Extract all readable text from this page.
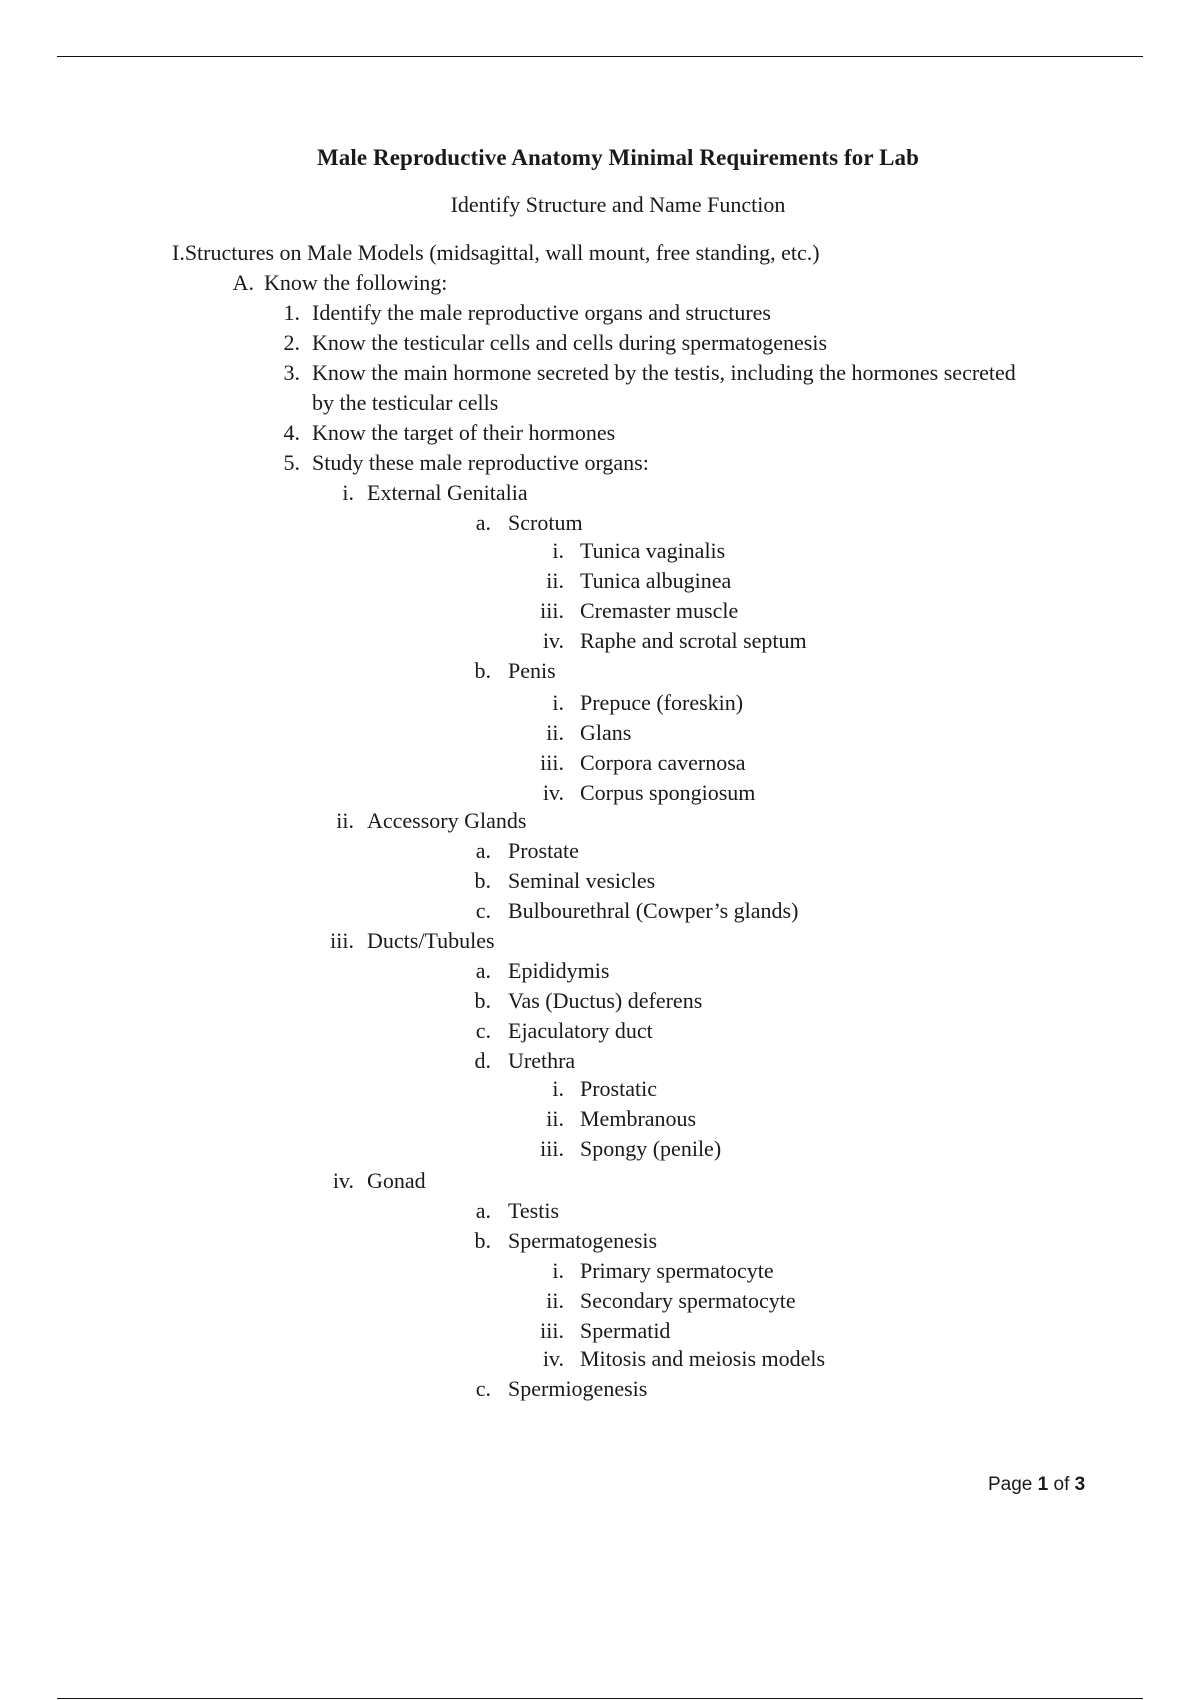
Male Reproductive Anatomy Minimal Requirements for Lab
Identify Structure and Name Function
I.Structures on Male Models (midsagittal, wall mount, free standing, etc.)
A. Know the following:
1. Identify the male reproductive organs and structures
2. Know the testicular cells and cells during spermatogenesis
3. Know the main hormone secreted by the testis, including the hormones secreted
by the testicular cells
4. Know the target of their hormones
5. Study these male reproductive organs:
i. External Genitalia
a. Scrotum
i. Tunica vaginalis
ii. Tunica albuginea
iii. Cremaster muscle
iv. Raphe and scrotal septum
b. Penis
i. Prepuce (foreskin)
ii. Glans
iii. Corpora cavernosa
iv. Corpus spongiosum
ii. Accessory Glands
a. Prostate
b. Seminal vesicles
c. Bulbourethral (Cowper’s glands)
iii. Ducts/Tubules
a. Epididymis
b. Vas (Ductus) deferens
c. Ejaculatory duct
d. Urethra
i. Prostatic
ii. Membranous
iii. Spongy (penile)
iv. Gonad
a. Testis
b. Spermatogenesis
i. Primary spermatocyte
ii. Secondary spermatocyte
iii. Spermatid
iv. Mitosis and meiosis models
c. Spermiogenesis
Page 1 of 3
